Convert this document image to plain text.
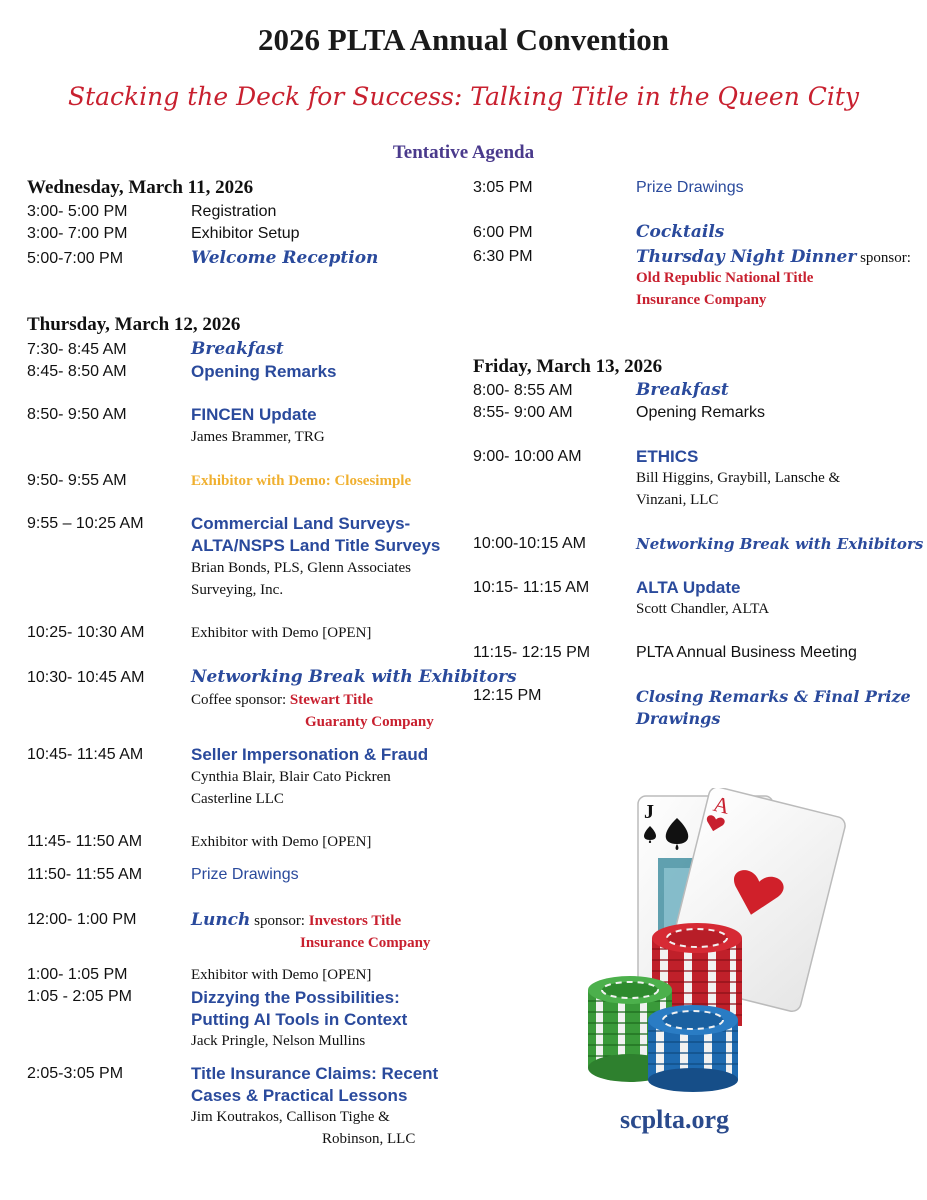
2026 PLTA Annual Convention
Stacking the Deck for Success: Talking Title in the Queen City
Tentative Agenda
Wednesday, March 11, 2026
3:00- 5:00 PM	Registration
3:00- 7:00 PM	Exhibitor Setup
5:00-7:00 PM	Welcome Reception
Thursday, March 12, 2026
7:30- 8:45 AM	Breakfast
8:45- 8:50 AM	Opening Remarks
8:50- 9:50 AM	FINCEN Update
James Brammer, TRG
9:50- 9:55 AM	Exhibitor with Demo: Closesimple
9:55 – 10:25 AM	Commercial Land Surveys-
ALTA/NSPS Land Title Surveys
Brian Bonds, PLS, Glenn Associates
Surveying, Inc.
10:25- 10:30 AM	Exhibitor with Demo [OPEN]
10:30- 10:45 AM	Networking Break with Exhibitors
Coffee sponsor: Stewart Title
Guaranty Company
10:45- 11:45 AM	Seller Impersonation & Fraud
Cynthia Blair, Blair Cato Pickren
Casterline LLC
11:45- 11:50 AM	Exhibitor with Demo [OPEN]
11:50- 11:55 AM	Prize Drawings
12:00- 1:00 PM	Lunch sponsor: Investors Title
Insurance Company
1:00- 1:05 PM	Exhibitor with Demo [OPEN]
1:05 - 2:05 PM	Dizzying the Possibilities:
Putting AI Tools in Context
Jack Pringle, Nelson Mullins
2:05-3:05 PM	Title Insurance Claims: Recent
Cases & Practical Lessons
Jim Koutrakos, Callison Tighe &
Robinson, LLC
3:05 PM	Prize Drawings
6:00 PM	Cocktails
6:30 PM	Thursday Night Dinner sponsor:
Old Republic National Title
Insurance Company
Friday, March 13, 2026
8:00- 8:55 AM	Breakfast
8:55- 9:00 AM	Opening Remarks
9:00- 10:00 AM	ETHICS
Bill Higgins, Graybill, Lansche &
Vinzani, LLC
10:00-10:15 AM	Networking Break with Exhibitors
10:15- 11:15 AM	ALTA Update
Scott Chandler, ALTA
11:15- 12:15 PM	PLTA Annual Business Meeting
12:15 PM	Closing Remarks & Final Prize
Drawings
J	A
scplta.org
